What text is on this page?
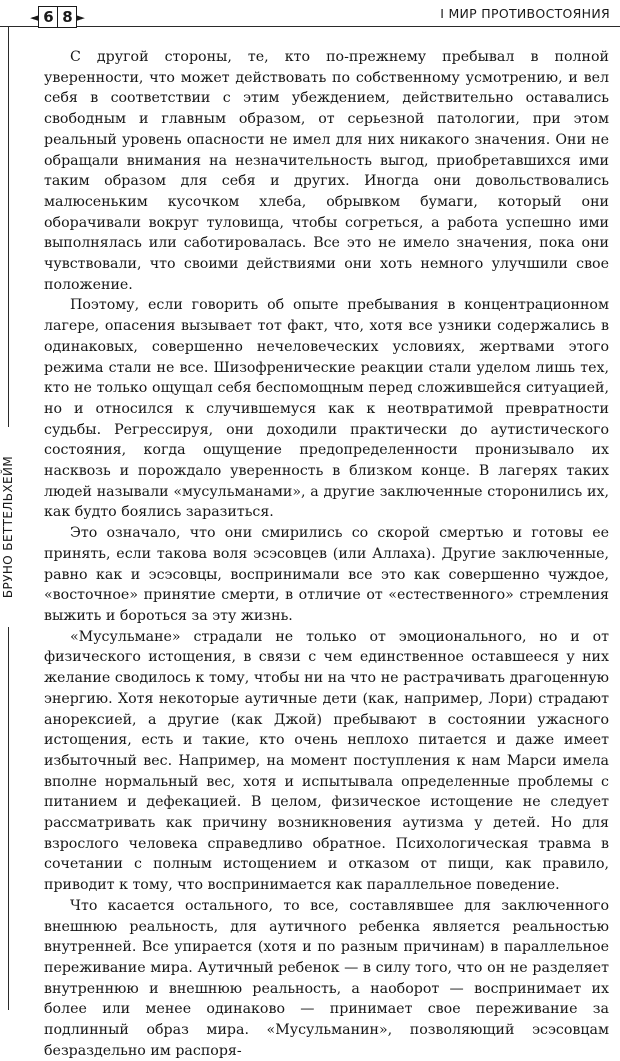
◄ 6 8 ►	I МИР ПРОТИВОСТОЯНИЯ
БРУНО БЕТТЕЛЬХЕЙМ

С другой стороны, те, кто по-прежнему пребывал в полной уверенности, что может действовать по собственному усмотрению, и вел себя в соответствии с этим убеждением, действительно оставались свободным и главным образом, от серьезной патологии, при этом реальный уровень опасности не имел для них никакого значения. Они не обращали внимания на незначительность выгод, приобретавшихся ими таким образом для себя и других. Иногда они довольствовались малюсеньким кусочком хлеба, обрывком бумаги, который они оборачивали вокруг туловища, чтобы согреться, а работа успешно ими выполнялась или саботировалась. Все это не имело значения, пока они чувствовали, что своими действиями они хоть немного улучшили свое положение.

Поэтому, если говорить об опыте пребывания в концентрационном лагере, опасения вызывает тот факт, что, хотя все узники содержались в одинаковых, совершенно нечеловеческих условиях, жертвами этого режима стали не все. Шизофренические реакции стали уделом лишь тех, кто не только ощущал себя беспомощным перед сложившейся ситуацией, но и относился к случившемуся как к неотвратимой превратности судьбы. Регрессируя, они доходили практически до аутистического состояния, когда ощущение предопределенности пронизывало их насквозь и порождало уверенность в близком конце. В лагерях таких людей называли «мусульманами», а другие заключенные сторонились их, как будто боялись заразиться.

Это означало, что они смирились со скорой смертью и готовы ее принять, если такова воля эсэсовцев (или Аллаха). Другие заключенные, равно как и эсэсовцы, воспринимали все это как совершенно чуждое, «восточное» принятие смерти, в отличие от «естественного» стремления выжить и бороться за эту жизнь.

«Мусульмане» страдали не только от эмоционального, но и от физического истощения, в связи с чем единственное оставшееся у них желание сводилось к тому, чтобы ни на что не растрачивать драгоценную энергию. Хотя некоторые аутичные дети (как, например, Лори) страдают анорексией, а другие (как Джой) пребывают в состоянии ужасного истощения, есть и такие, кто очень неплохо питается и даже имеет избыточный вес. Например, на момент поступления к нам Марси имела вполне нормальный вес, хотя и испытывала определенные проблемы с питанием и дефекацией. В целом, физическое истощение не следует рассматривать как причину возникновения аутизма у детей. Но для взрослого человека справедливо обратное. Психологическая травма в сочетании с полным истощением и отказом от пищи, как правило, приводит к тому, что воспринимается как параллельное поведение.

Что касается остального, то все, составлявшее для заключенного внешнюю реальность, для аутичного ребенка является реальностью внутренней. Все упирается (хотя и по разным причинам) в параллельное переживание мира. Аутичный ребенок — в силу того, что он не разделяет внутреннюю и внешнюю реальность, а наоборот — воспринимает их более или менее одинаково — принимает свое переживание за подлинный образ мира. «Мусульманин», позволяющий эсэсовцам безраздельно им распоря-
